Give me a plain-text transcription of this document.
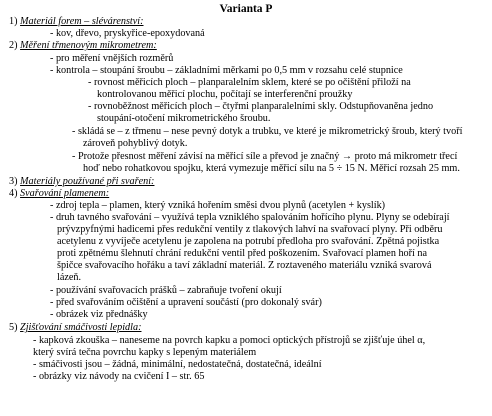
Varianta P
1) Materiál forem – slévárenství:
- kov, dřevo, pryskyřice-epoxydovaná
2) Měření třmenovým mikrometrem:
- pro měření vnějších rozměrů
- kontrola – stoupání šroubu – základními měrkami po 0,5 mm v rozsahu celé stupnice
- rovnost měřicích ploch – planparalelním sklem, které se po očištění přiloží na
kontrolovanou měřicí plochu, počítají se interferenční proužky
- rovnoběžnost měřicích ploch – čtyřmi planparalelními skly. Odstupňovaněna jedno
stoupání-otočení mikrometrického šroubu.
- skládá se – z třmenu – nese pevný dotyk a trubku, ve které je mikrometrický šroub, který tvoří
zároveň pohyblivý dotyk.
- Protože přesnost měření závisí na měřicí síle a převod je značný → proto má mikrometr třecí
hoď nebo rohatkovou spojku, která vymezuje měřicí sílu na 5 ÷ 15 N. Měřicí rozsah 25 mm.
3) Materiály používané při svaření:
4) Svařování plamenem:
- zdroj tepla – plamen, který vzniká hořením směsi dvou plynů (acetylen + kyslík)
- druh tavného svařování – využívá tepla vzniklého spalováním hořícího plynu. Plyny se odebírají
prývzpyfnými hadicemi přes redukční ventily z tlakových lahví na svařovací plyny. Při odběru
acetylenu z vyvíječe acetylenu je zapolena na potrubí předloha pro svařování. Zpětná pojistka
proti zpětnému šlehnutí chrání redukční ventil před poškozením. Svařovací plamen hoří na
špičce svařovacího hořáku a taví základní materiál. Z roztaveného materiálu vzniká svarová
lázeň.
- používání svařovacích prášků – zabraňuje tvoření okují
- před svařováním očištění a upravení součástí (pro dokonalý svár)
- obrázek viz přednášky
5) Zjišťování smáčivosti lepidla:
- kapková zkouška – naneseme na povrch kapku a pomoci optických přístrojů se zjišťuje úhel α,
který svírá tečna povrchu kapky s lepeným materiálem
- smáčivosti jsou – žádná, minimální, nedostatečná, dostatečná, ideální
- obrázky viz návody na cvičení I – str. 65
